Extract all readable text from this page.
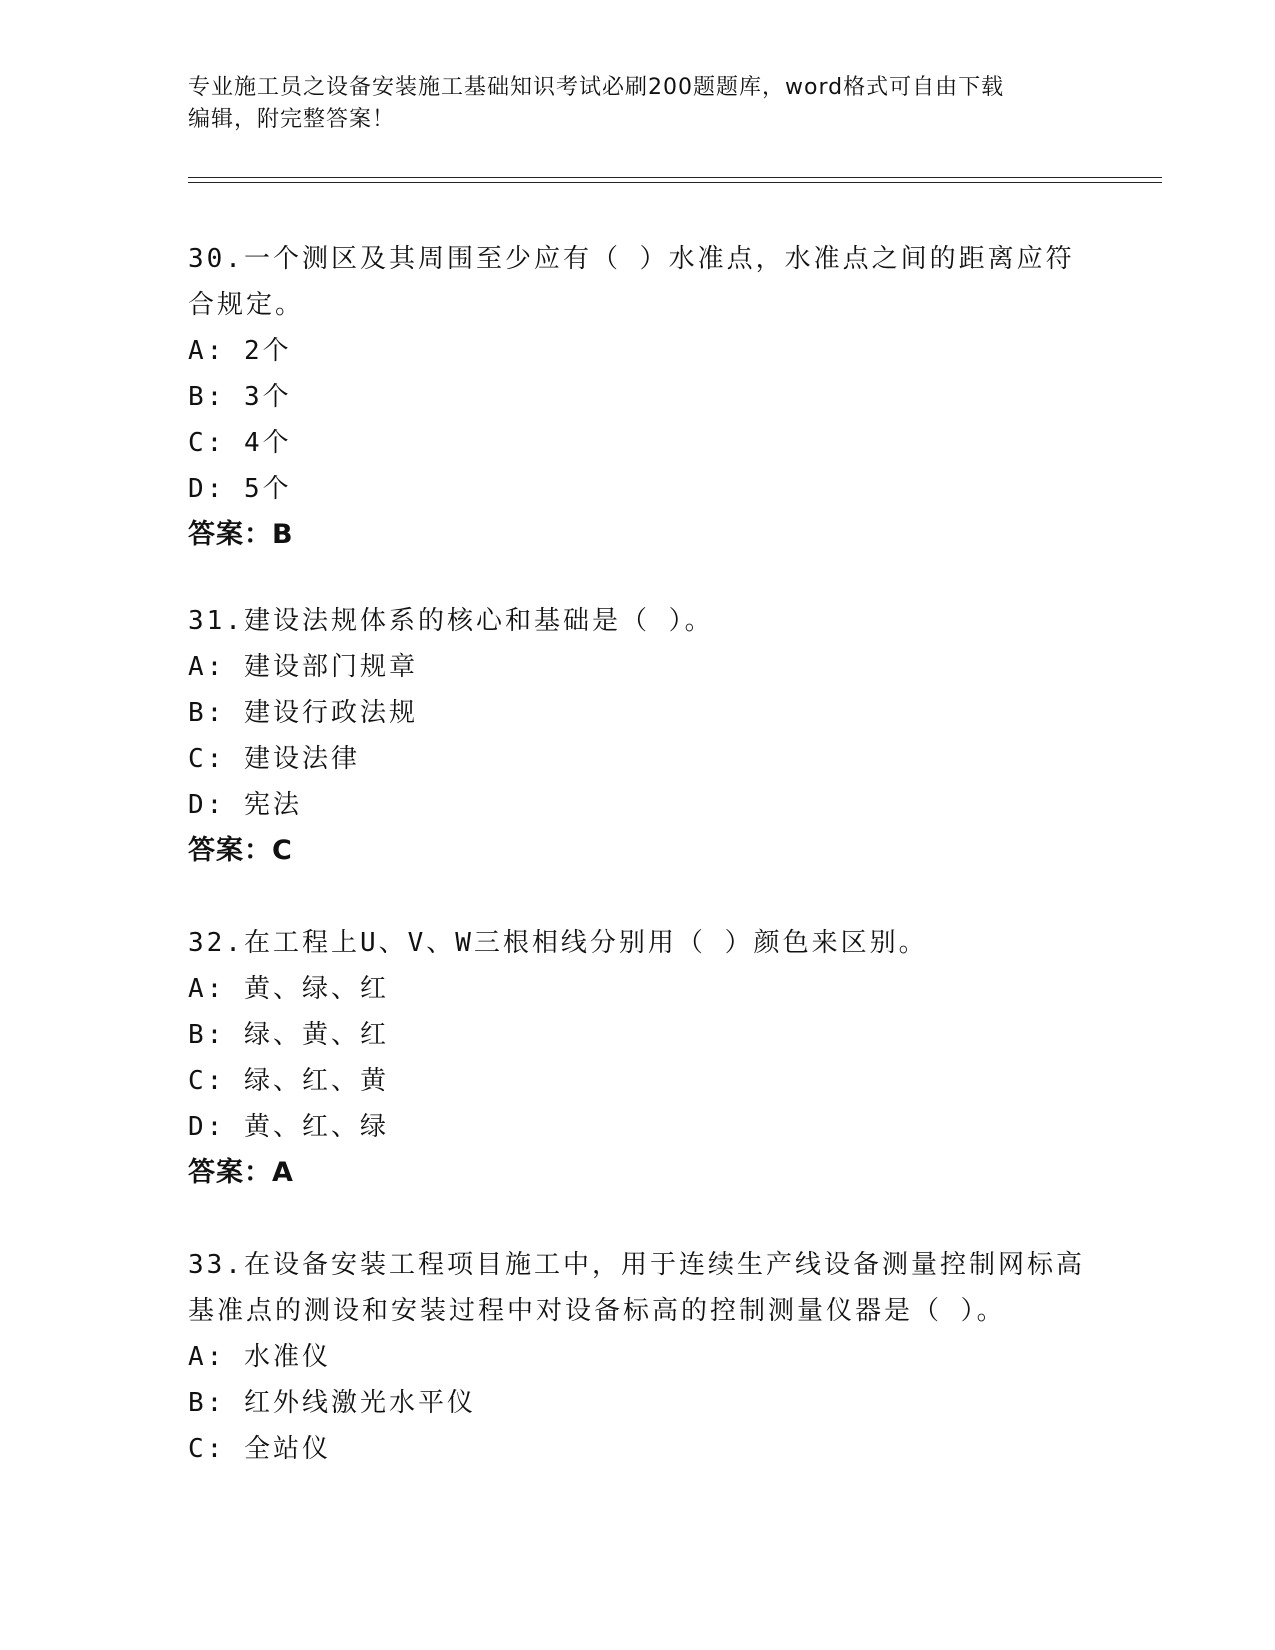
专业施工员之设备安装施工基础知识考试必刷200题题库，word格式可自由下载
编辑，附完整答案！
30.一个测区及其周围至少应有（ ）水准点，水准点之间的距离应符
合规定。
A: 2个
B: 3个
C: 4个
D: 5个
答案：B
31.建设法规体系的核心和基础是（ ）。
A: 建设部门规章
B: 建设行政法规
C: 建设法律
D: 宪法
答案：C
32.在工程上U、V、W三根相线分别用（ ）颜色来区别。
A: 黄、绿、红
B: 绿、黄、红
C: 绿、红、黄
D: 黄、红、绿
答案：A
33.在设备安装工程项目施工中，用于连续生产线设备测量控制网标高
基准点的测设和安装过程中对设备标高的控制测量仪器是（ ）。
A: 水准仪
B: 红外线激光水平仪
C: 全站仪
